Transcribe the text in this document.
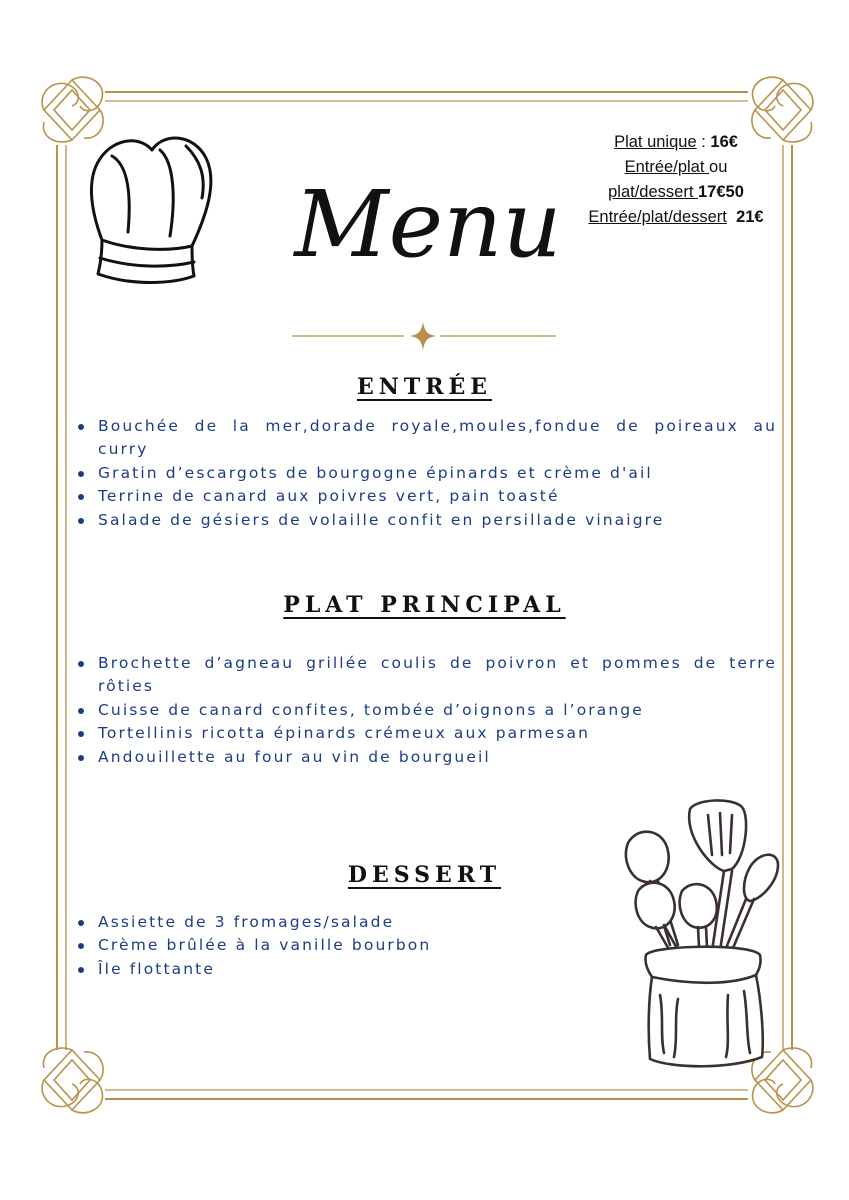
Menu
Plat unique : 16€
Entrée/plat ou
plat/dessert 17€50
Entrée/plat/dessert 21€
ENTRÉE
Bouchée de la mer,dorade royale,moules,fondue de poireaux au curry
Gratin d’escargots de bourgogne épinards et crème d'ail
Terrine de canard aux poivres vert, pain toasté
Salade de gésiers de volaille confit en persillade vinaigre
PLAT PRINCIPAL
Brochette d’agneau grillée coulis de poivron et pommes de terre rôties
Cuisse de canard confites, tombée d’oignons a l’orange
Tortellinis ricotta épinards crémeux aux parmesan
Andouillette au four au vin de bourgueil
DESSERT
Assiette de 3 fromages/salade
Crème brûlée à la vanille bourbon
Île flottante
